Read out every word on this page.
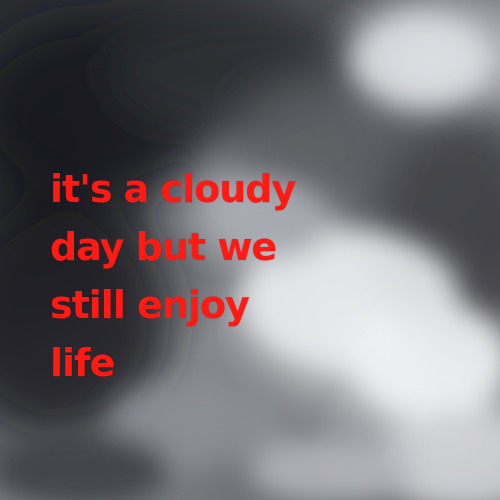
it's a cloudy
day but we
still enjoy
life
